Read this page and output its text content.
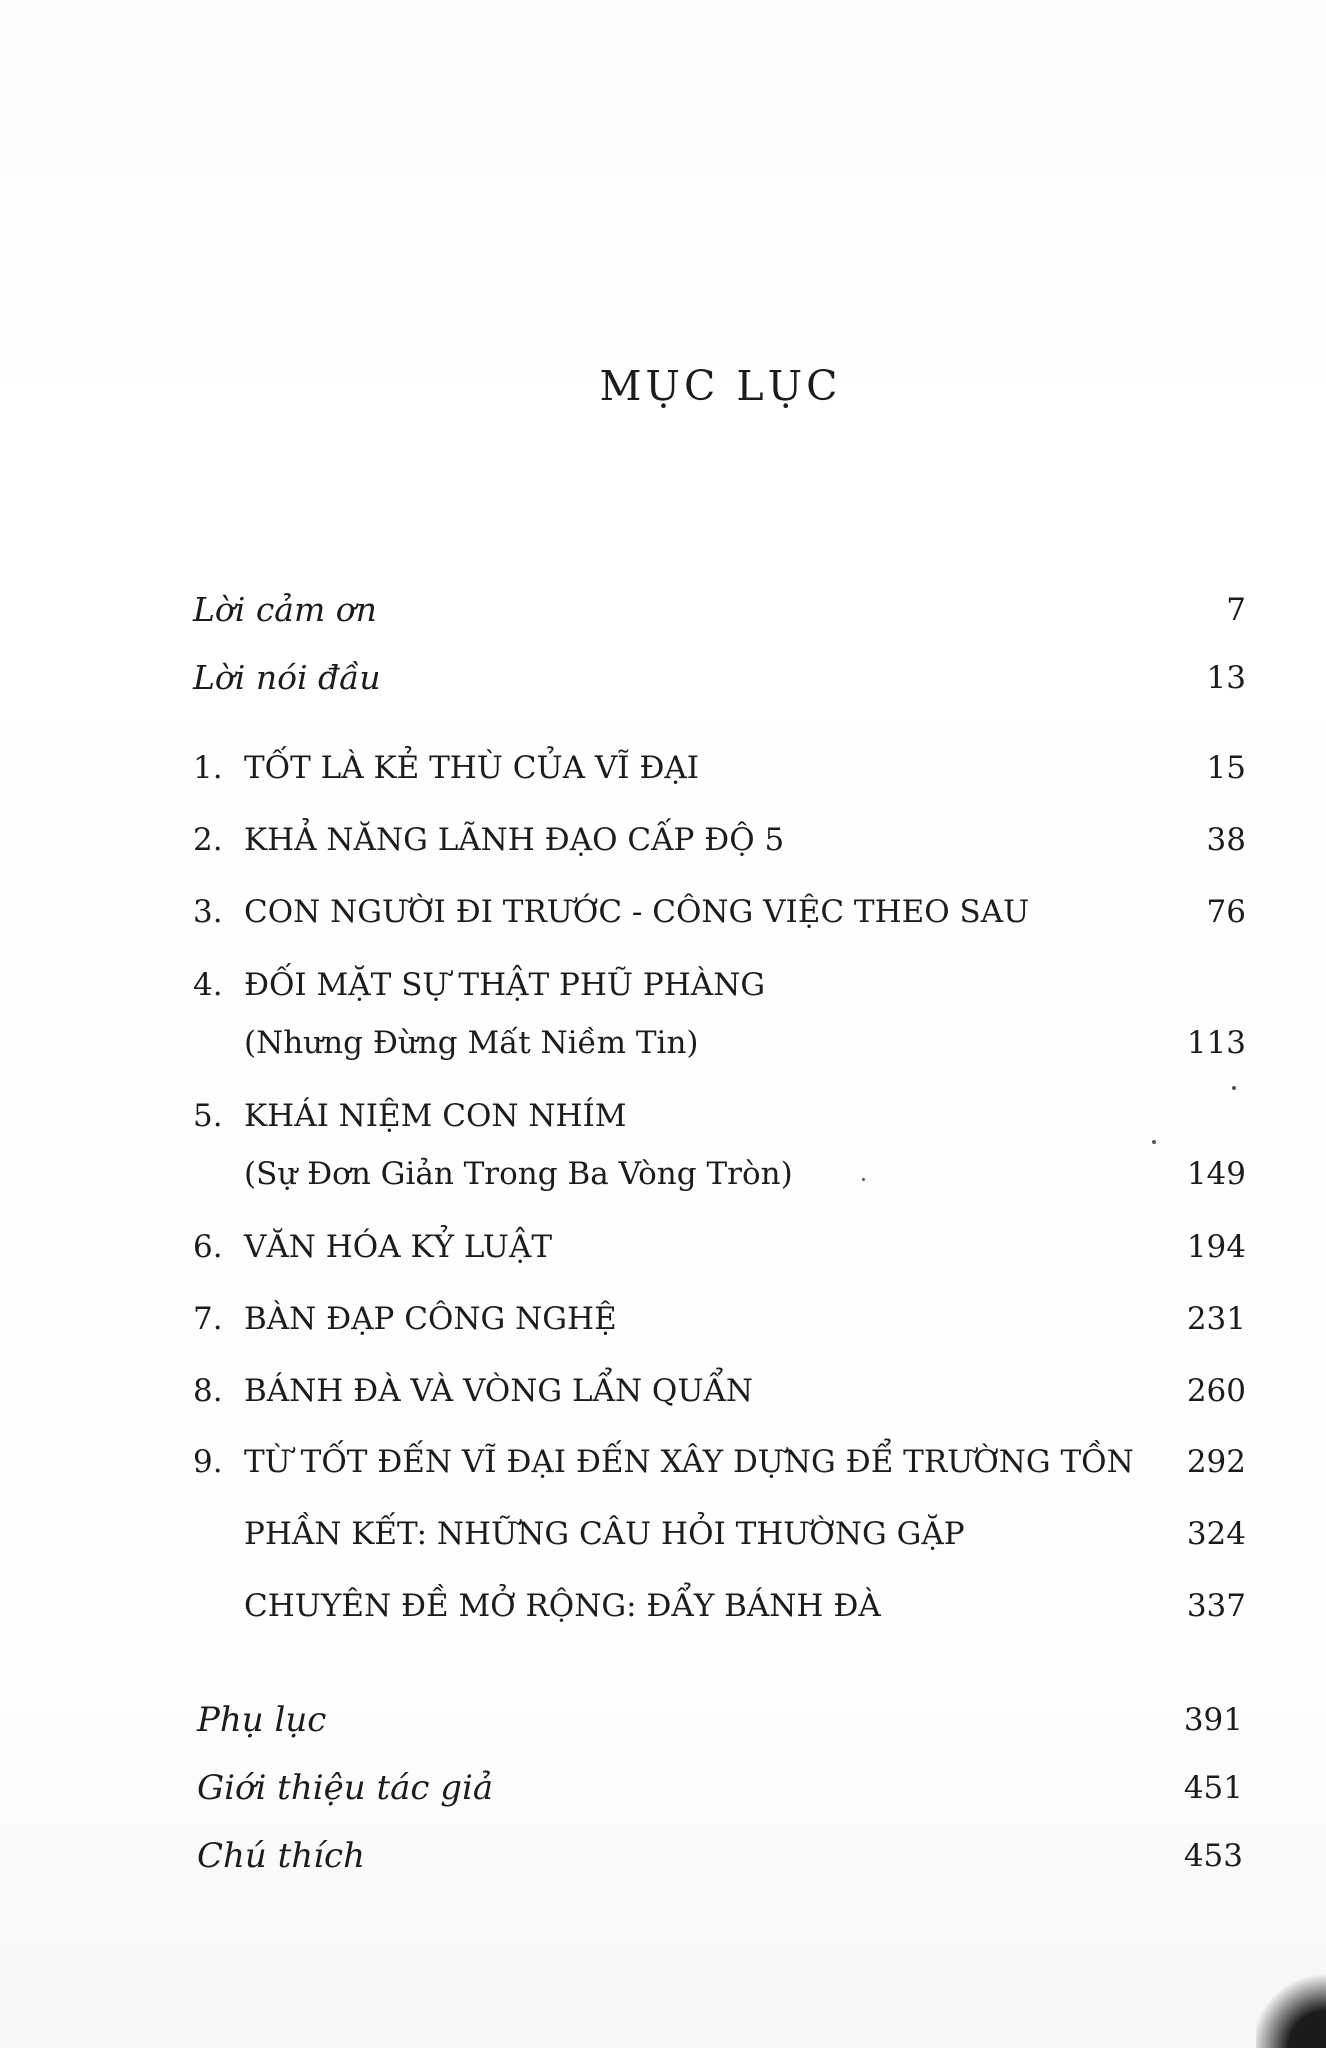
MỤC LỤC
Lời cảm ơn	7
Lời nói đầu	13
1. TỐT LÀ KẺ THÙ CỦA VĨ ĐẠI	15
2. KHẢ NĂNG LÃNH ĐẠO CẤP ĐỘ 5	38
3. CON NGƯỜI ĐI TRƯỚC - CÔNG VIỆC THEO SAU	76
4. ĐỐI MẶT SỰ THẬT PHŨ PHÀNG
(Nhưng Đừng Mất Niềm Tin)	113
5. KHÁI NIỆM CON NHÍM
(Sự Đơn Giản Trong Ba Vòng Tròn)	149
6. VĂN HÓA KỶ LUẬT	194
7. BÀN ĐẠP CÔNG NGHỆ	231
8. BÁNH ĐÀ VÀ VÒNG LẨN QUẨN	260
9. TỪ TỐT ĐẾN VĨ ĐẠI ĐẾN XÂY DỰNG ĐỂ TRƯỜNG TỒN 292
PHẦN KẾT: NHỮNG CÂU HỎI THƯỜNG GẶP	324
CHUYÊN ĐỀ MỞ RỘNG: ĐẨY BÁNH ĐÀ	337
Phụ lục	391
Giới thiệu tác giả	451
Chú thích	453
